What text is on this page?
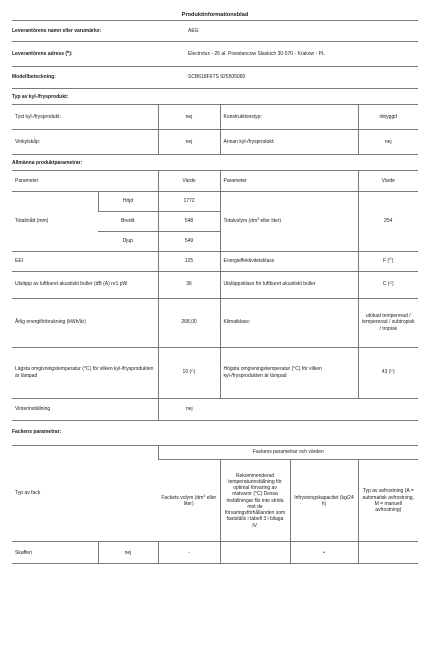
Produktinformationsblad
Leverantörens namn eller varumärke:	AEG
Leverantörens adress ($^b$):	Electrolux - 26 al. Powstancow Slaskich 30-570 - Krakow - PL
Modellbeteckning:	SCB618F6TS 925505060
Typ av kyl-/frysprodukt:
Tyst kyl-/frysprodukt:	nej	Konstruktionstyp:	inbyggd
Vinkylskåp:	nej	Annan kyl-/frysprodukt:	nej
Allmänna produktparametrar:
Parameter		Värde	Parameter	Värde
Totalmått (mm)	Höjd	1772	Totalvolym ($dm^3$ eller liter)	254
	Bredd	548		
	Djup	549		
EEI		125	Energieffektivitetsklass	F ($^C$)
Utsläpp av luftburet akustiskt buller (dB (A) re1 pW		36	Utsläppsklass för luftburet akustiskt buller	C ($^C$)
Årlig energiförbrukning (kWh/år)		268,00	Klimatklass:	utökad tempererad / tempererad / subtropisk / tropisk
Lägsta omgivningstemperatur (°C) för vilken kyl-/frysprodukten är lämpad		10 ($^C$)	Högsta omgivningstemperatur (°C) för vilken kyl-/frysprodukten är lämpad	43 ($^C$)
Vinterinställning		nej		
Fackens parametrar:
Typ av fack		Fackens parametrar och värden			
		Fackets volym ($dm^3$ eller liter)	Rekommenderad temperaturinställning för optimal förvaring av matvaror (°C) Dessa inställningar får inte strida mot de förvaringsförhållanden som fastställs i tabell 3 i bilaga IV.	Infrysningskapacitet (kg/24 h)	Typ av avfrostning (A = automatisk avfrostning, M = manuell avfrostning)
Skafferi	nej	-		•	
